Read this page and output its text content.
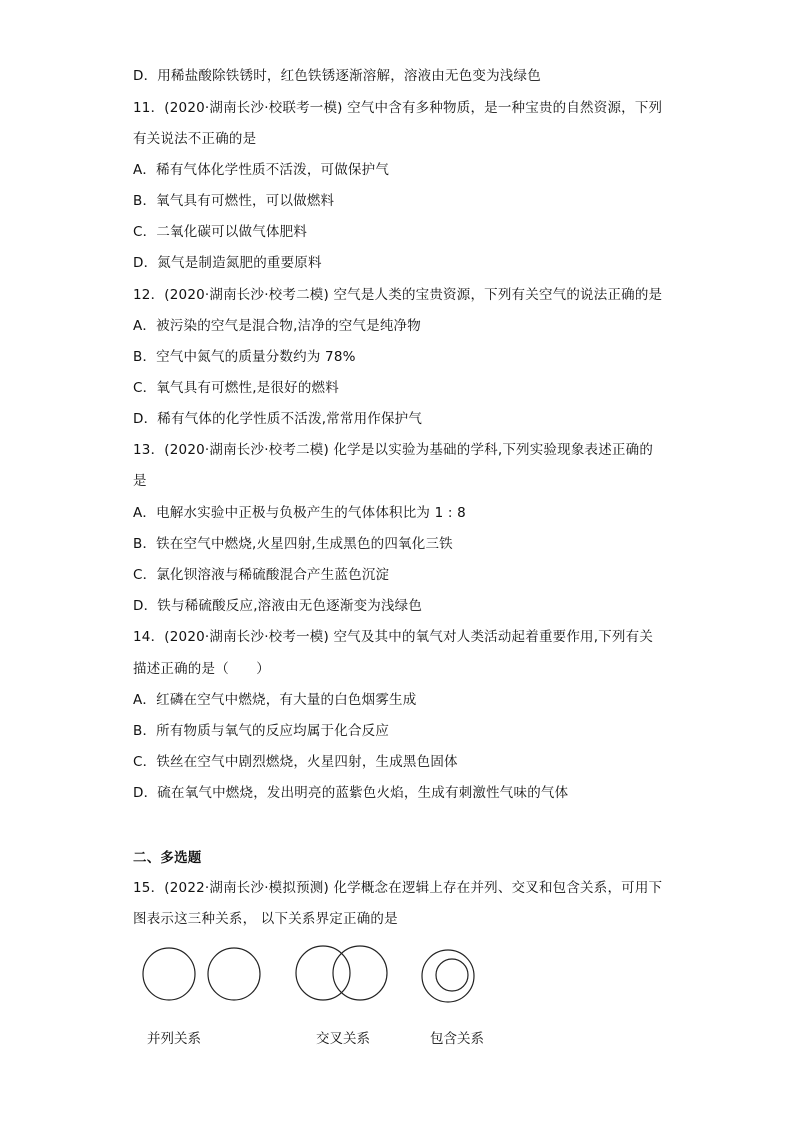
D．用稀盐酸除铁锈时，红色铁锈逐渐溶解，溶液由无色变为浅绿色
11．(2020·湖南长沙·校联考一模) 空气中含有多种物质，是一种宝贵的自然资源，下列
有关说法不正确的是
A．稀有气体化学性质不活泼，可做保护气
B．氧气具有可燃性，可以做燃料
C．二氧化碳可以做气体肥料
D．氮气是制造氮肥的重要原料
12．(2020·湖南长沙·校考二模) 空气是人类的宝贵资源，下列有关空气的说法正确的是
A．被污染的空气是混合物,洁净的空气是纯净物
B．空气中氮气的质量分数约为 78%
C．氧气具有可燃性,是很好的燃料
D．稀有气体的化学性质不活泼,常常用作保护气
13．(2020·湖南长沙·校考二模) 化学是以实验为基础的学科,下列实验现象表述正确的
是
A．电解水实验中正极与负极产生的气体体积比为 1 : 8
B．铁在空气中燃烧,火星四射,生成黑色的四氧化三铁
C．氯化钡溶液与稀硫酸混合产生蓝色沉淀
D．铁与稀硫酸反应,溶液由无色逐渐变为浅绿色
14．(2020·湖南长沙·校考一模) 空气及其中的氧气对人类活动起着重要作用,下列有关
描述正确的是（　　）
A．红磷在空气中燃烧，有大量的白色烟雾生成
B．所有物质与氧气的反应均属于化合反应
C．铁丝在空气中剧烈燃烧，火星四射，生成黑色固体
D．硫在氧气中燃烧，发出明亮的蓝紫色火焰，生成有刺激性气味的气体
二、多选题
15．(2022·湖南长沙·模拟预测) 化学概念在逻辑上存在并列、交叉和包含关系，可用下
图表示这三种关系， 以下关系界定正确的是
并列关系	交叉关系	包含关系
